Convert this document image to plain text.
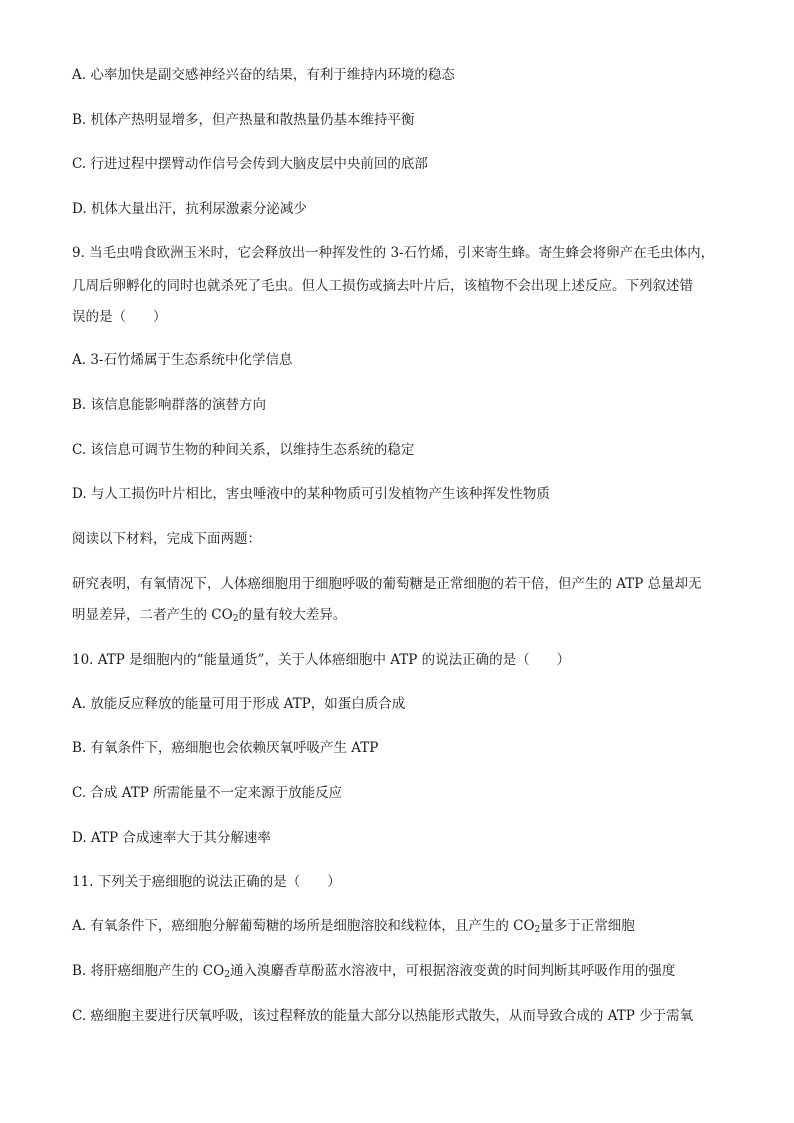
A. 心率加快是副交感神经兴奋的结果，有利于维持内环境的稳态
B. 机体产热明显增多，但产热量和散热量仍基本维持平衡
C. 行进过程中摆臂动作信号会传到大脑皮层中央前回的底部
D. 机体大量出汗，抗利尿激素分泌减少
9. 当毛虫啃食欧洲玉米时，它会释放出一种挥发性的 3-石竹烯，引来寄生蜂。寄生蜂会将卵产在毛虫体内，
几周后卵孵化的同时也就杀死了毛虫。但人工损伤或摘去叶片后，该植物不会出现上述反应。下列叙述错
误的是（　　）
A. 3-石竹烯属于生态系统中化学信息
B. 该信息能影响群落的演替方向
C. 该信息可调节生物的种间关系，以维持生态系统的稳定
D. 与人工损伤叶片相比，害虫唾液中的某种物质可引发植物产生该种挥发性物质
阅读以下材料，完成下面两题：
研究表明，有氧情况下，人体癌细胞用于细胞呼吸的葡萄糖是正常细胞的若干倍，但产生的 ATP 总量却无
明显差异，二者产生的 $CO_2$的量有较大差异。
10. ATP 是细胞内的“能量通货”，关于人体癌细胞中 ATP 的说法正确的是（　　）
A. 放能反应释放的能量可用于形成 ATP，如蛋白质合成
B. 有氧条件下，癌细胞也会依赖厌氧呼吸产生 ATP
C. 合成 ATP 所需能量不一定来源于放能反应
D. ATP 合成速率大于其分解速率
11. 下列关于癌细胞的说法正确的是（　　）
A. 有氧条件下，癌细胞分解葡萄糖的场所是细胞溶胶和线粒体，且产生的 $CO_2$量多于正常细胞
B. 将肝癌细胞产生的 $CO_2$通入溴麝香草酚蓝水溶液中，可根据溶液变黄的时间判断其呼吸作用的强度
C. 癌细胞主要进行厌氧呼吸，该过程释放的能量大部分以热能形式散失，从而导致合成的 ATP 少于需氧
